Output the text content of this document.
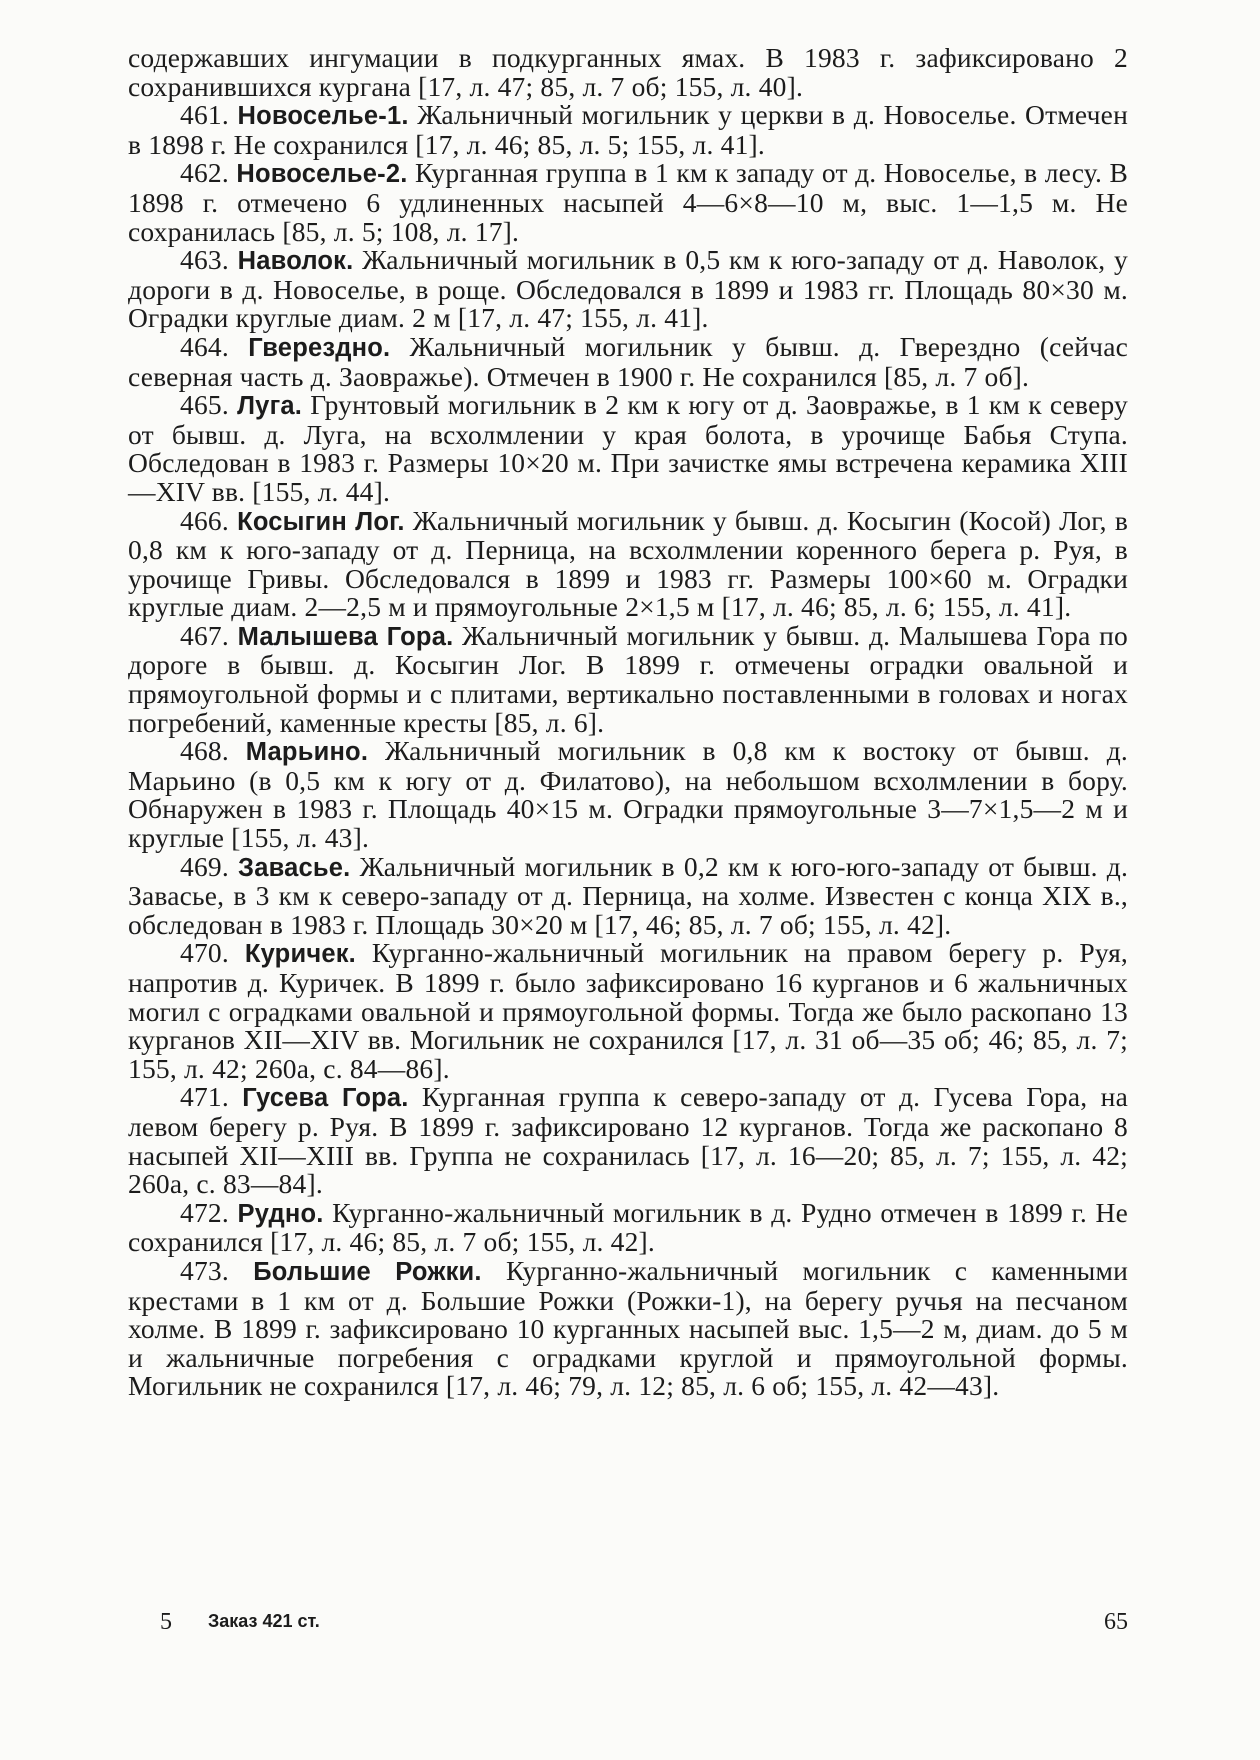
содержавших ингумации в подкурганных ямах. В 1983 г. зафиксировано 2 сохранившихся кургана [17, л. 47; 85, л. 7 об; 155, л. 40].

461. Новоселье-1. Жальничный могильник у церкви в д. Новоселье. Отмечен в 1898 г. Не сохранился [17, л. 46; 85, л. 5; 155, л. 41].

462. Новоселье-2. Курганная группа в 1 км к западу от д. Новоселье, в лесу. В 1898 г. отмечено 6 удлиненных насыпей 4—6×8—10 м, выс. 1—1,5 м. Не сохранилась [85, л. 5; 108, л. 17].

463. Наволок. Жальничный могильник в 0,5 км к юго-западу от д. Наволок, у дороги в д. Новоселье, в роще. Обследовался в 1899 и 1983 гг. Площадь 80×30 м. Оградки круглые диам. 2 м [17, л. 47; 155, л. 41].

464. Гверездно. Жальничный могильник у бывш. д. Гверездно (сейчас северная часть д. Заовражье). Отмечен в 1900 г. Не сохранился [85, л. 7 об].

465. Луга. Грунтовый могильник в 2 км к югу от д. Заовражье, в 1 км к северу от бывш. д. Луга, на всхолмлении у края болота, в урочище Бабья Ступа. Обследован в 1983 г. Размеры 10×20 м. При зачистке ямы встречена керамика XIII—XIV вв. [155, л. 44].

466. Косыгин Лог. Жальничный могильник у бывш. д. Косыгин (Косой) Лог, в 0,8 км к юго-западу от д. Перница, на всхолмлении коренного берега р. Руя, в урочище Гривы. Обследовался в 1899 и 1983 гг. Размеры 100×60 м. Оградки круглые диам. 2—2,5 м и прямоугольные 2×1,5 м [17, л. 46; 85, л. 6; 155, л. 41].

467. Малышева Гора. Жальничный могильник у бывш. д. Малышева Гора по дороге в бывш. д. Косыгин Лог. В 1899 г. отмечены оградки овальной и прямоугольной формы и с плитами, вертикально поставленными в головах и ногах погребений, каменные кресты [85, л. 6].

468. Марьино. Жальничный могильник в 0,8 км к востоку от бывш. д. Марьино (в 0,5 км к югу от д. Филатово), на небольшом всхолмлении в бору. Обнаружен в 1983 г. Площадь 40×15 м. Оградки прямоугольные 3—7×1,5—2 м и круглые [155, л. 43].

469. Завасье. Жальничный могильник в 0,2 км к юго-юго-западу от бывш. д. Завасье, в 3 км к северо-западу от д. Перница, на холме. Известен с конца XIX в., обследован в 1983 г. Площадь 30×20 м [17, 46; 85, л. 7 об; 155, л. 42].

470. Куричек. Курганно-жальничный могильник на правом берегу р. Руя, напротив д. Куричек. В 1899 г. было зафиксировано 16 курганов и 6 жальничных могил с оградками овальной и прямоугольной формы. Тогда же было раскопано 13 курганов XII—XIV вв. Могильник не сохранился [17, л. 31 об—35 об; 46; 85, л. 7; 155, л. 42; 260а, с. 84—86].

471. Гусева Гора. Курганная группа к северо-западу от д. Гусева Гора, на левом берегу р. Руя. В 1899 г. зафиксировано 12 курганов. Тогда же раскопано 8 насыпей XII—XIII вв. Группа не сохранилась [17, л. 16—20; 85, л. 7; 155, л. 42; 260а, с. 83—84].

472. Рудно. Курганно-жальничный могильник в д. Рудно отмечен в 1899 г. Не сохранился [17, л. 46; 85, л. 7 об; 155, л. 42].

473. Большие Рожки. Курганно-жальничный могильник с каменными крестами в 1 км от д. Большие Рожки (Рожки-1), на берегу ручья на песчаном холме. В 1899 г. зафиксировано 10 курганных насыпей выс. 1,5—2 м, диам. до 5 м и жальничные погребения с оградками круглой и прямоугольной формы. Могильник не сохранился [17, л. 46; 79, л. 12; 85, л. 6 об; 155, л. 42—43].

5 Заказ 421 ст.	65
